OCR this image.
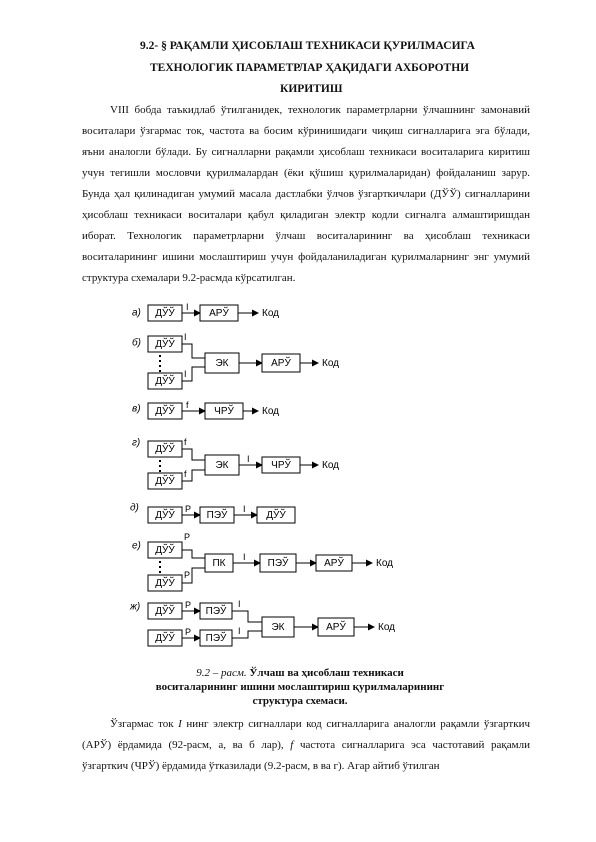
9.2- § РАҚАМЛИ ҲИСОБЛАШ ТЕХНИКАСИ ҚУРИЛМАСИГА
ТЕХНОЛОГИК ПАРАМЕТРЛАР ҲАҚИДАГИ АХБОРОТНИ
КИРИТИШ

VIII бобда таъкидлаб ўтилганидек, технологик параметрларни ўлчашнинг замонавий воситалари ўзгармас ток, частота ва босим кўринишидаги чиқиш сигналларига эга бўлади, яъни аналогли бўлади. Бу сигналларни рақамли ҳисоблаш техникаси воситаларига киритиш учун тегишли мословчи қурилмалардан (ёки қўшиш қурилмаларидан) фойдаланиш зарур. Бунда ҳал қилинадиган умумий масала дастлабки ўлчов ўзгарткичлари (ДЎЎ) сигналларини ҳисоблаш техникаси воситалари қабул қиладиган электр кодли сигналга алмаштиришдан иборат. Технологик параметрларни ўлчаш воситаларининг ва ҳисоблаш техникаси воситаларининг ишини мослаштириш учун фойдаланиладиган қурилмаларнинг энг умумий структура схемалари 9.2-расмда кўрсатилган.

а) ДЎЎ
I
АРЎ	Код
б) ДЎЎ
ДЎЎ
I
I
ЭК	АРЎ	Код
в) ДЎЎ
f
ЧРЎ	Код
г)
ДЎЎ
ДЎЎ
f
f
ЭК
I
ЧРЎ	Код
д)
ДЎЎ
P
ПЭЎ
I
ДЎЎ
е) ДЎЎ
ДЎЎ
P
P
ПК
I
ПЭЎ	АРЎ	Код
ж) ДЎЎ
ДЎЎ
P
P
ПЭЎ
ПЭЎ
I
I	ЭК	АРЎ	Код
9.2 – расм. Ўлчаш ва ҳисоблаш техникаси
воситаларининг ишини мослаштириш қурилмаларининг
структура схемаси.

Ўзгармас ток I нинг электр сигналлари код сигналларига аналогли рақамли ўзгарткич (АРЎ) ёрдамида (92-расм, а, ва б лар), f частота сигналларига эса частотавий рақамли ўзгарткич (ЧРЎ) ёрдамида ўтказилади (9.2-расм, в ва г). Агар айтиб ўтилган
